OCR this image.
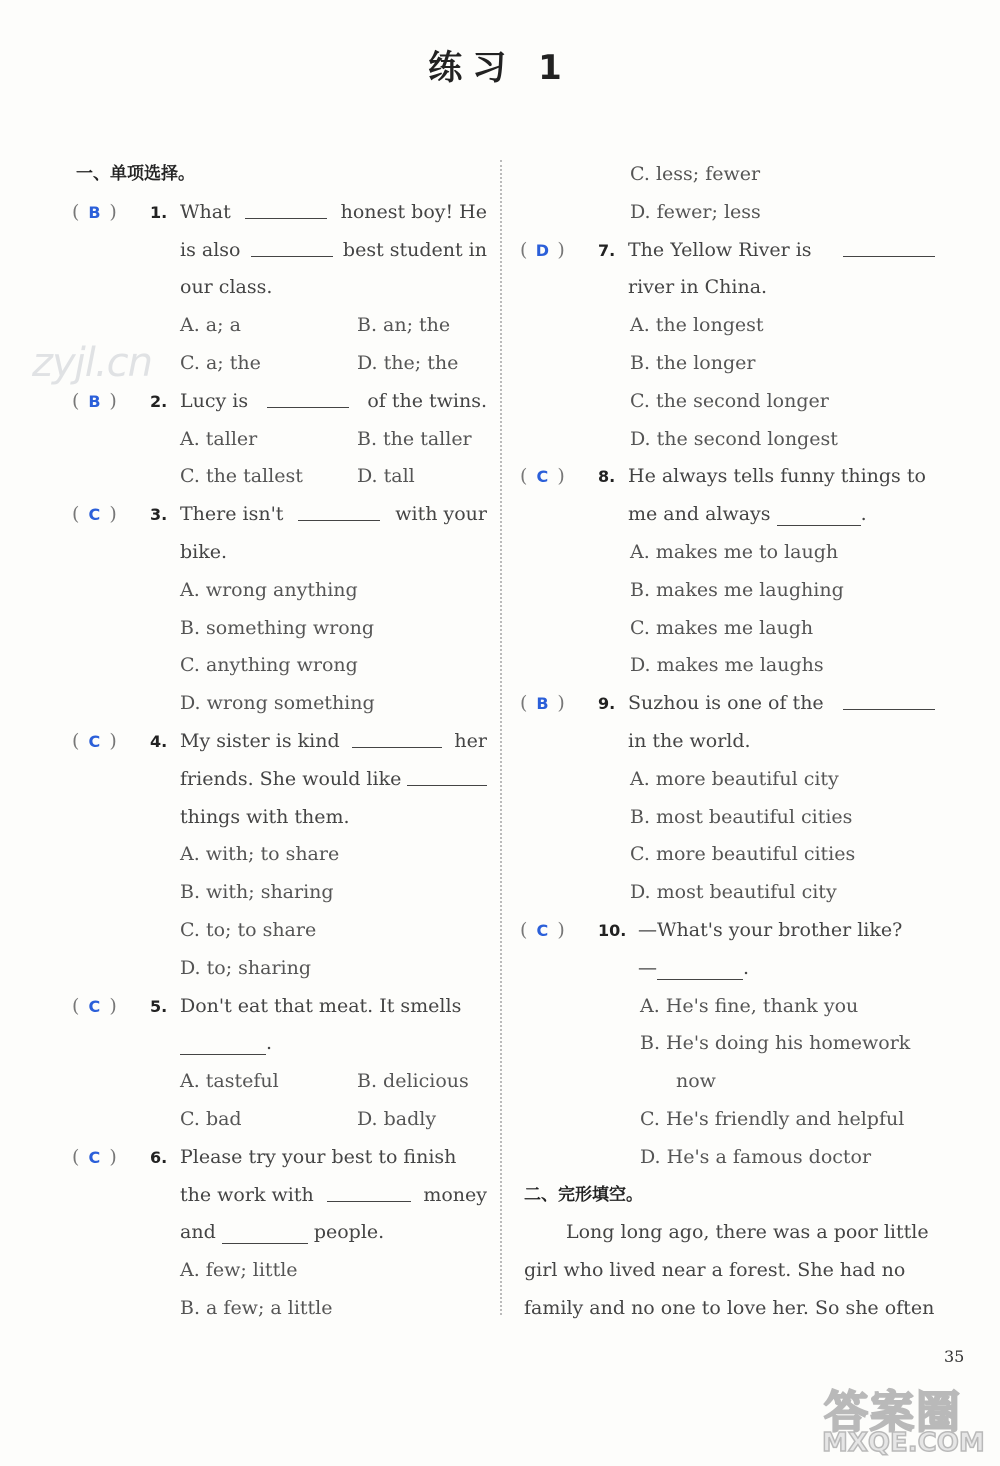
练习 1
zyjl.cn
一、单项选择。
( B )	1. What	honest boy! He
is also	best student in
our class.
A. a; a	B. an; the
C. a; the	D. the; the
( B )	2. Lucy is	of the twins.
A. taller	B. the taller
C. the tallest	D. tall
( C )	3. There isn't	with your
bike.
A. wrong anything
B. something wrong
C. anything wrong
D. wrong something
( C )	4. My sister is kind	her
friends. She would like
things with them.
A. with; to share
B. with; sharing
C. to; to share
D. to; sharing
( C )	5. Don't eat that meat. It smells
.
A. tasteful	B. delicious
C. bad	D. badly
( C )	6. Please try your best to finish
the work with	money
and	people.
A. few; little
B. a few; a little
C. less; fewer
D. fewer; less
( D )	7. The Yellow River is
river in China.
A. the longest
B. the longer
C. the second longer
D. the second longest
( C )	8. He always tells funny things to
me and always	.
A. makes me to laugh
B. makes me laughing
C. makes me laugh
D. makes me laughs
( B )	9. Suzhou is one of the
in the world.
A. more beautiful city
B. most beautiful cities
C. more beautiful cities
D. most beautiful city
( C )	10. —What's your brother like?
—	.
A. He's fine, thank you
B. He's doing his homework
now
C. He's friendly and helpful
D. He's a famous doctor
二、完形填空。
Long long ago, there was a poor little
girl who lived near a forest. She had no
family and no one to love her. So she often
35
答案圈
MXQE.COM
